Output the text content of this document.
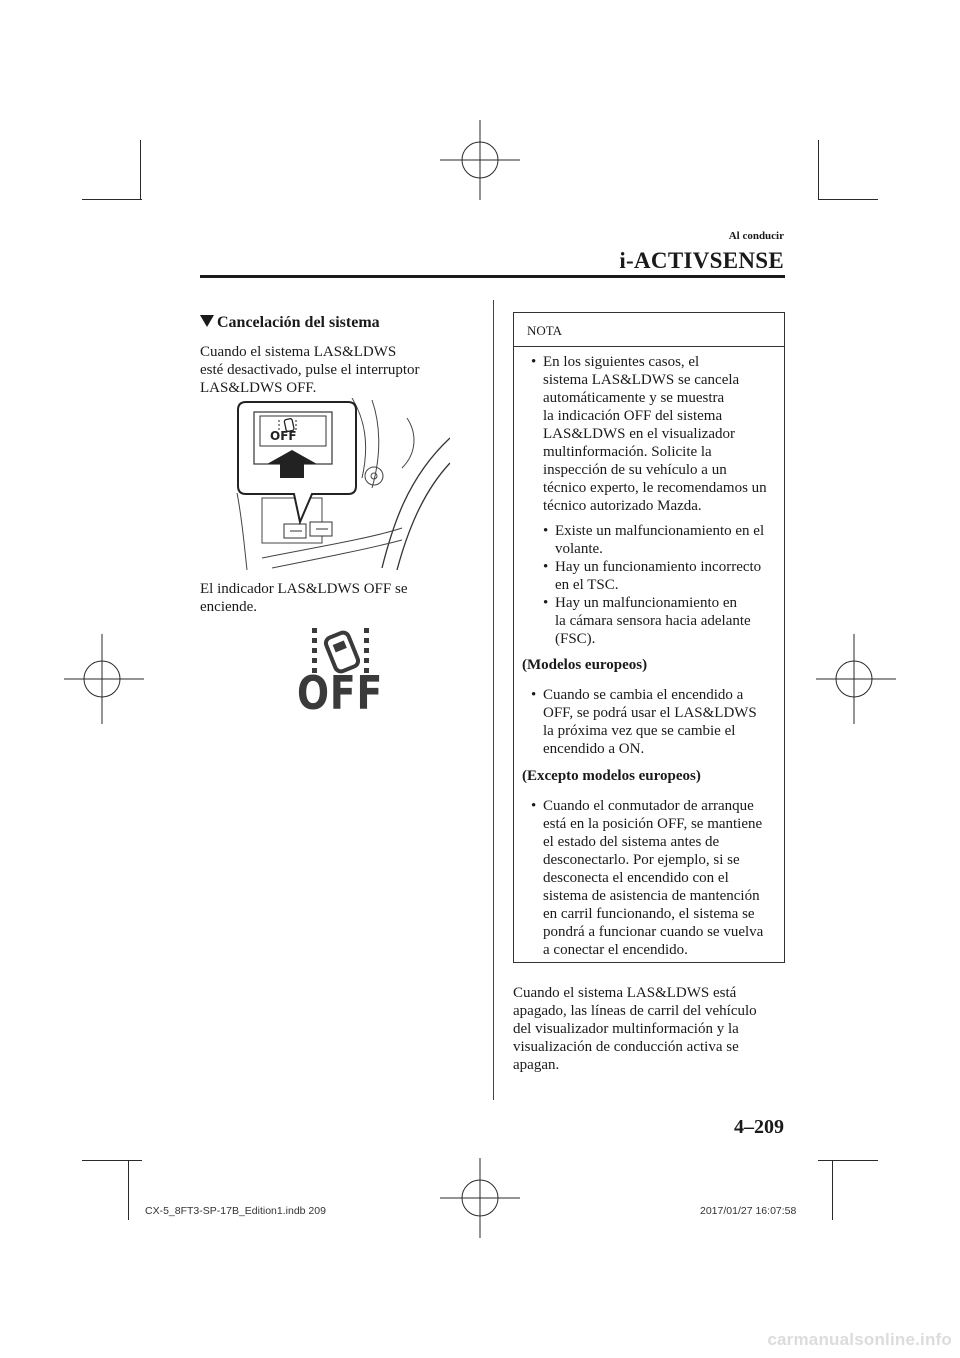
Al conducir
i-ACTIVSENSE
Cancelación del sistema
Cuando el sistema LAS&LDWS
esté desactivado, pulse el interruptor
LAS&LDWS OFF.
OFF
El indicador LAS&LDWS OFF se
enciende.
OFF
NOTA
• En los siguientes casos, el
sistema LAS&LDWS se cancela
automáticamente y se muestra
la indicación OFF del sistema
LAS&LDWS en el visualizador
multinformación. Solicite la
inspección de su vehículo a un
técnico experto, le recomendamos un
técnico autorizado Mazda.
• Existe un malfuncionamiento en el
volante.
• Hay un funcionamiento incorrecto
en el TSC.
• Hay un malfuncionamiento en
la cámara sensora hacia adelante
(FSC).
(Modelos europeos)
• Cuando se cambia el encendido a
OFF, se podrá usar el LAS&LDWS
la próxima vez que se cambie el
encendido a ON.
(Excepto modelos europeos)
• Cuando el conmutador de arranque
está en la posición OFF, se mantiene
el estado del sistema antes de
desconectarlo. Por ejemplo, si se
desconecta el encendido con el
sistema de asistencia de mantención
en carril funcionando, el sistema se
pondrá a funcionar cuando se vuelva
a conectar el encendido.
Cuando el sistema LAS&LDWS está
apagado, las líneas de carril del vehículo
del visualizador multinformación y la
visualización de conducción activa se
apagan.
4–209
CX-5_8FT3-SP-17B_Edition1.indb 209	2017/01/27 16:07:58
carmanualsonline.info
